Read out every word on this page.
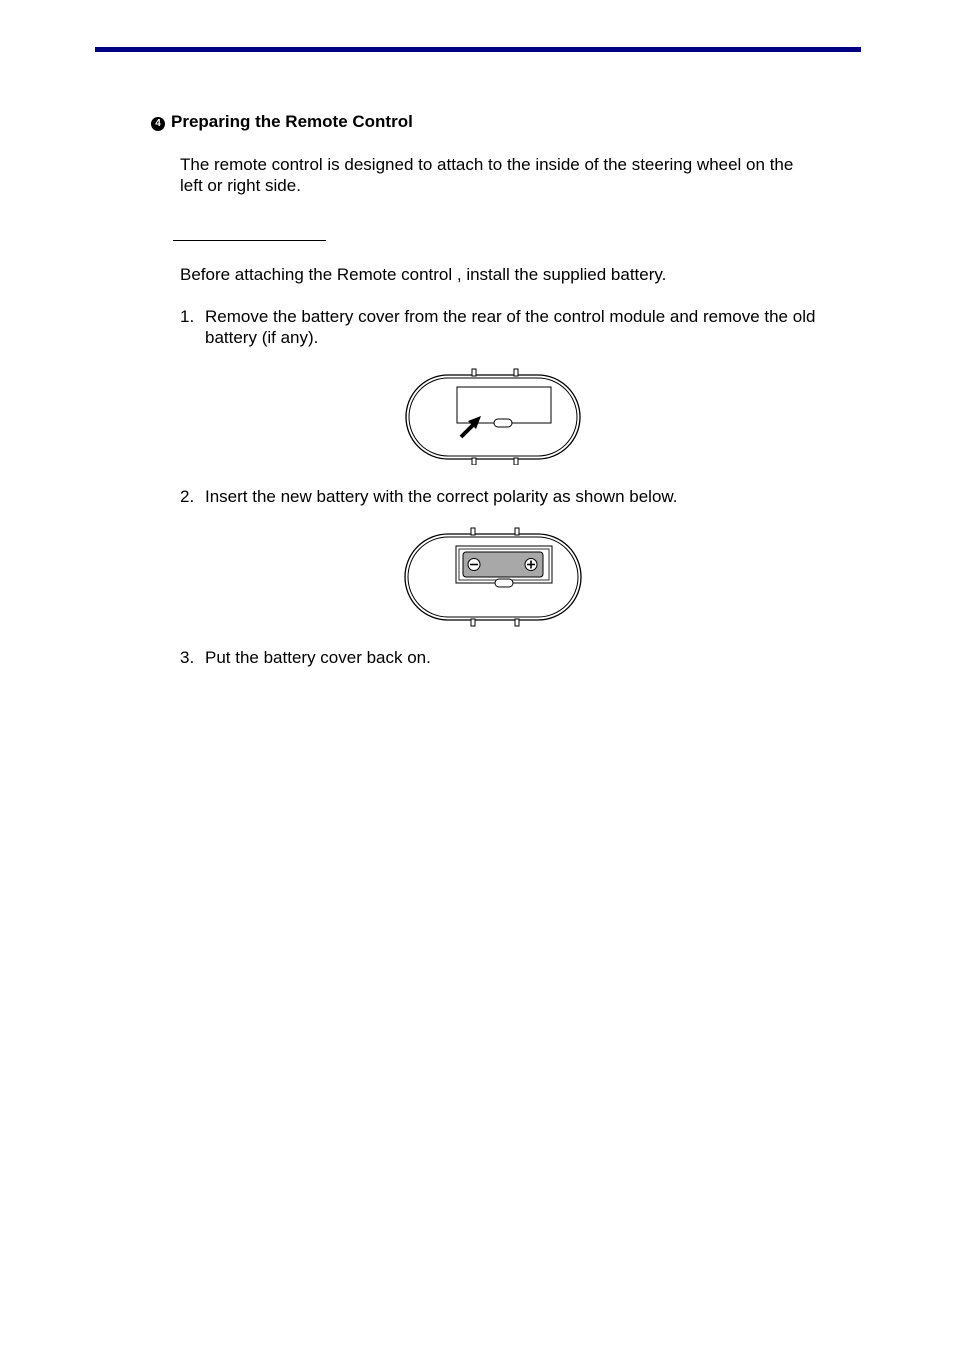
4 Preparing the Remote Control
The remote control is designed to attach to the inside of the steering wheel on the left or right side.
Before attaching the Remote control , install the supplied battery.
1. Remove the battery cover from the rear of the control module and remove the old battery (if any).
2. Insert the new battery with the correct polarity as shown below.
3. Put the battery cover back on.
